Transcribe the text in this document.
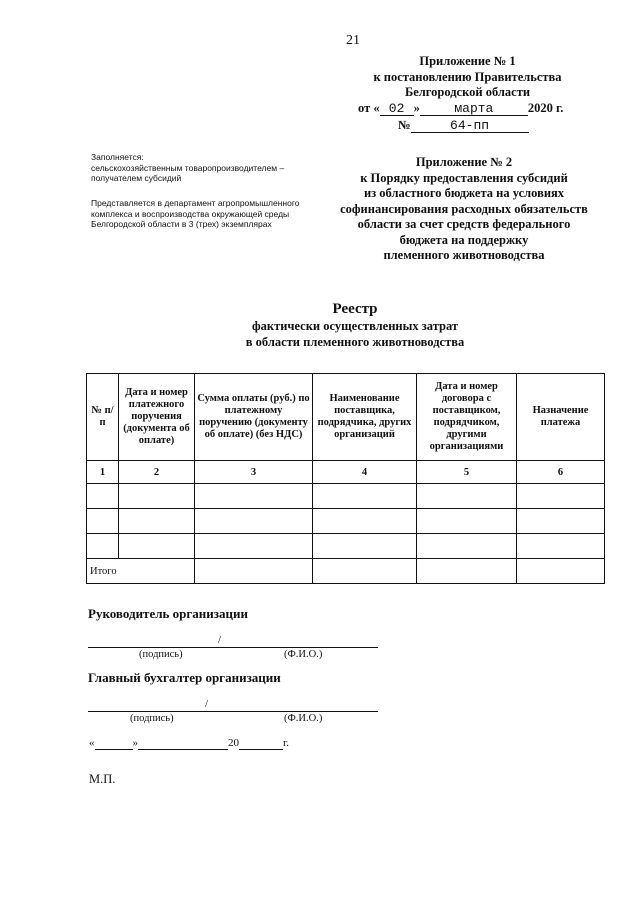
21
Приложение № 1
к постановлению Правительства
Белгородской области
от « 02 »	марта	2020 г.
№	64-пп
Заполняется:
сельскохозяйственным товаропроизводителем – получателем субсидий
Представляется в департамент агропромышленного комплекса и воспроизводства окружающей среды Белгородской области в 3 (трех) экземплярах
Приложение № 2
к Порядку предоставления субсидий
из областного бюджета на условиях
софинансирования расходных обязательств
области за счет средств федерального
бюджета на поддержку
племенного животноводства
Реестр
фактически осуществленных затрат
в области племенного животноводства
№ п/п	Дата и номер платежного поручения (документа об оплате)	Сумма оплаты (руб.) по платежному поручению (документу об оплате) (без НДС)	Наименование поставщика, подрядчика, других организаций	Дата и номер договора с поставщиком, подрядчиком, другими организациями	Назначение платежа
1	2	3	4	5	6

Итого					
Руководитель организации
/
(подпись)	(Ф.И.О.)
Главный бухгалтер организации
/
(подпись)	(Ф.И.О.)
«	»	20	г.
М.П.
